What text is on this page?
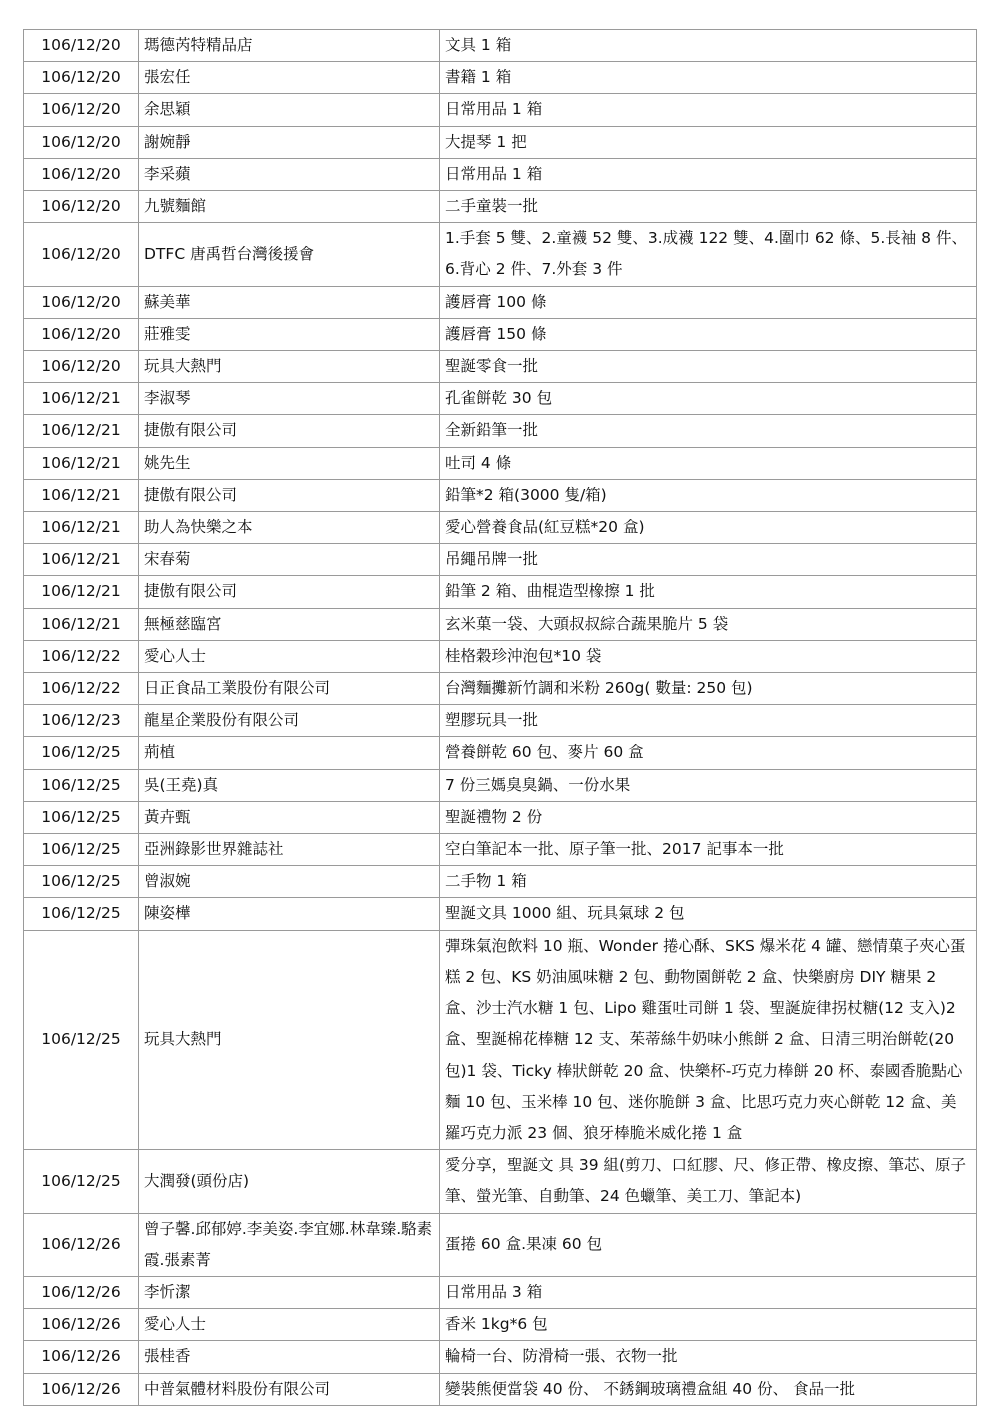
106/12/20	瑪德芮特精品店	文具 1 箱
106/12/20	張宏任	書籍 1 箱
106/12/20	余思穎	日常用品 1 箱
106/12/20	謝婉靜	大提琴 1 把
106/12/20	李采蘋	日常用品 1 箱
106/12/20	九號麵館	二手童裝一批
106/12/20	DTFC 唐禹哲台灣後援會	1.手套 5 雙、2.童襪 52 雙、3.成襪 122 雙、4.圍巾 62 條、5.長袖 8 件、6.背心 2 件、7.外套 3 件
106/12/20	蘇美華	護唇膏 100 條
106/12/20	莊雅雯	護唇膏 150 條
106/12/20	玩具大熱門	聖誕零食一批
106/12/21	李淑琴	孔雀餅乾 30 包
106/12/21	捷傲有限公司	全新鉛筆一批
106/12/21	姚先生	吐司 4 條
106/12/21	捷傲有限公司	鉛筆*2 箱(3000 隻/箱)
106/12/21	助人為快樂之本	愛心營養食品(紅豆糕*20 盒)
106/12/21	宋春菊	吊繩吊牌一批
106/12/21	捷傲有限公司	鉛筆 2 箱、曲棍造型橡擦 1 批
106/12/21	無極慈臨宮	玄米菓一袋、大頭叔叔綜合蔬果脆片 5 袋
106/12/22	愛心人士	桂格穀珍沖泡包*10 袋
106/12/22	日正食品工業股份有限公司	台灣麵攤新竹調和米粉 260g( 數量: 250 包)
106/12/23	龍星企業股份有限公司	塑膠玩具一批
106/12/25	荊植	營養餅乾 60 包、麥片 60 盒
106/12/25	吳(王堯)真	7 份三媽臭臭鍋、一份水果
106/12/25	黃卉甄	聖誕禮物 2 份
106/12/25	亞洲錄影世界雜誌社	空白筆記本一批、原子筆一批、2017 記事本一批
106/12/25	曾淑婉	二手物 1 箱
106/12/25	陳姿樺	聖誕文具 1000 組、玩具氣球 2 包
106/12/25	玩具大熱門	彈珠氣泡飲料 10 瓶、Wonder 捲心酥、SKS 爆米花 4 罐、戀情菓子夾心蛋糕 2 包、KS 奶油風味糖 2 包、動物園餅乾 2 盒、快樂廚房 DIY 糖果 2 盒、沙士汽水糖 1 包、Lipo 雞蛋吐司餅 1 袋、聖誕旋律拐杖糖(12 支入)2 盒、聖誕棉花棒糖 12 支、茱蒂絲牛奶味小熊餅 2 盒、日清三明治餅乾(20 包)1 袋、Ticky 棒狀餅乾 20 盒、快樂杯-巧克力棒餅 20 杯、泰國香脆點心麵 10 包、玉米棒 10 包、迷你脆餅 3 盒、比思巧克力夾心餅乾 12 盒、美羅巧克力派 23 個、狼牙棒脆米威化捲 1 盒
106/12/25	大潤發(頭份店)	愛分享，聖誕文 具 39 組(剪刀、口紅膠、尺、修正帶、橡皮擦、筆芯、原子筆、螢光筆、自動筆、24 色蠟筆、美工刀、筆記本)
106/12/26	曾子馨.邱郁婷.李美姿.李宜娜.林韋臻.駱素霞.張素菁	蛋捲 60 盒.果凍 60 包
106/12/26	李忻潔	日常用品 3 箱
106/12/26	愛心人士	香米 1kg*6 包
106/12/26	張桂香	輪椅一台、防滑椅一張、衣物一批
106/12/26	中普氣體材料股份有限公司	變裝熊便當袋 40 份、 不銹鋼玻璃禮盒組 40 份、 食品一批
